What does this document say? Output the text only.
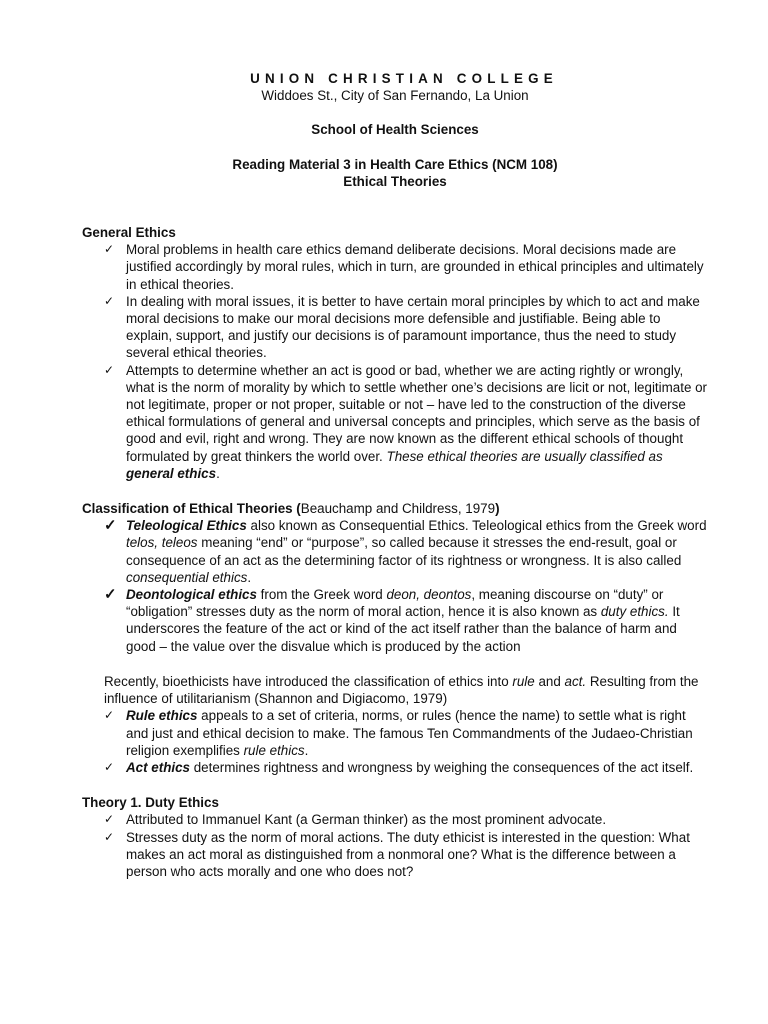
UNION CHRISTIAN COLLEGE
Widdoes St., City of San Fernando, La Union
School of Health Sciences
Reading Material 3 in Health Care Ethics (NCM 108)
Ethical Theories
General Ethics
✓ Moral problems in health care ethics demand deliberate decisions. Moral decisions made are justified accordingly by moral rules, which in turn, are grounded in ethical principles and ultimately in ethical theories.
✓ In dealing with moral issues, it is better to have certain moral principles by which to act and make moral decisions to make our moral decisions more defensible and justifiable. Being able to explain, support, and justify our decisions is of paramount importance, thus the need to study several ethical theories.
✓ Attempts to determine whether an act is good or bad, whether we are acting rightly or wrongly, what is the norm of morality by which to settle whether one’s decisions are licit or not, legitimate or not legitimate, proper or not proper, suitable or not – have led to the construction of the diverse ethical formulations of general and universal concepts and principles, which serve as the basis of good and evil, right and wrong. They are now known as the different ethical schools of thought formulated by great thinkers the world over. These ethical theories are usually classified as general ethics.
Classification of Ethical Theories (Beauchamp and Childress, 1979)
✓ Teleological Ethics also known as Consequential Ethics. Teleological ethics from the Greek word telos, teleos meaning “end” or “purpose”, so called because it stresses the end-result, goal or consequence of an act as the determining factor of its rightness or wrongness. It is also called consequential ethics.
✓ Deontological ethics from the Greek word deon, deontos, meaning discourse on “duty” or “obligation” stresses duty as the norm of moral action, hence it is also known as duty ethics. It underscores the feature of the act or kind of the act itself rather than the balance of harm and good – the value over the disvalue which is produced by the action
Recently, bioethicists have introduced the classification of ethics into rule and act. Resulting from the influence of utilitarianism (Shannon and Digiacomo, 1979)
✓ Rule ethics appeals to a set of criteria, norms, or rules (hence the name) to settle what is right and just and ethical decision to make. The famous Ten Commandments of the Judaeo-Christian religion exemplifies rule ethics.
✓ Act ethics determines rightness and wrongness by weighing the consequences of the act itself.
Theory 1. Duty Ethics
✓ Attributed to Immanuel Kant (a German thinker) as the most prominent advocate.
✓ Stresses duty as the norm of moral actions. The duty ethicist is interested in the question: What makes an act moral as distinguished from a nonmoral one? What is the difference between a person who acts morally and one who does not?
